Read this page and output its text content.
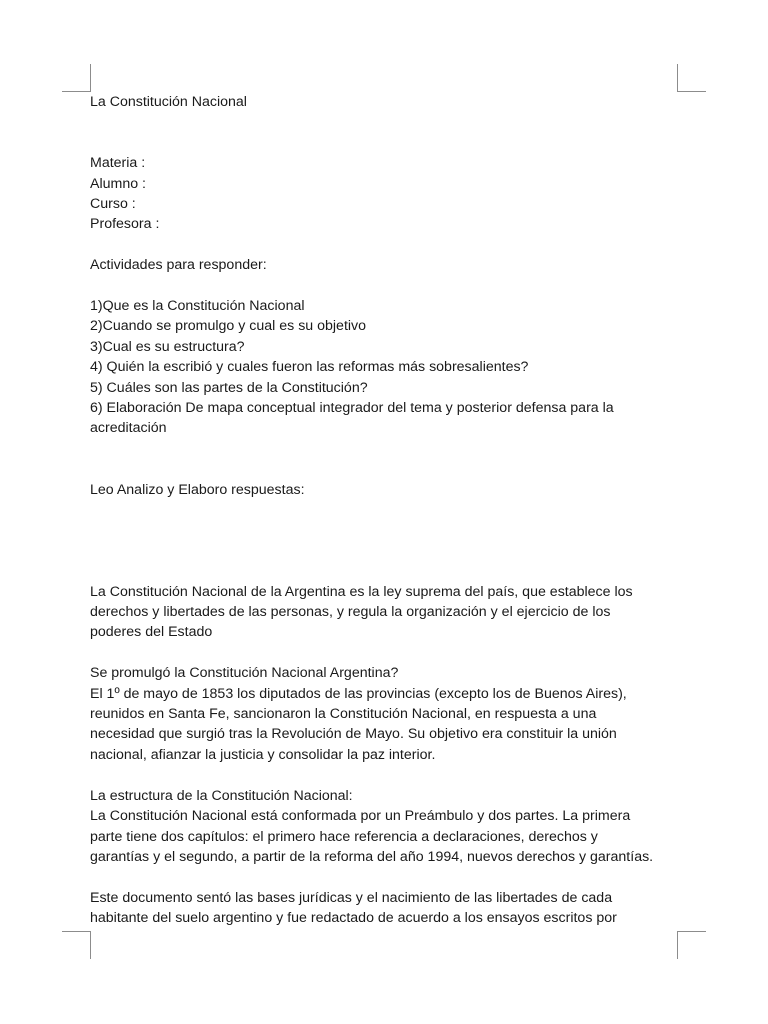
La Constitución Nacional

Materia :
Alumno :
Curso :
Profesora :

Actividades para responder:

1)Que es la Constitución Nacional
2)Cuando se promulgo y cual es su objetivo
3)Cual es su estructura?
4) Quién la escribió y cuales fueron las reformas más sobresalientes?
5) Cuáles son las partes de la Constitución?
6) Elaboración De mapa conceptual integrador del tema y posterior defensa para la
acreditación

Leo Analizo y Elaboro respuestas:

La Constitución Nacional de la Argentina es la ley suprema del país, que establece los
derechos y libertades de las personas, y regula la organización y el ejercicio de los
poderes del Estado
Se promulgó la Constitución Nacional Argentina?
El 1º de mayo de 1853 los diputados de las provincias (excepto los de Buenos Aires),
reunidos en Santa Fe, sancionaron la Constitución Nacional, en respuesta a una
necesidad que surgió tras la Revolución de Mayo. Su objetivo era constituir la unión
nacional, afianzar la justicia y consolidar la paz interior.
La estructura de la Constitución Nacional:
La Constitución Nacional está conformada por un Preámbulo y dos partes. La primera
parte tiene dos capítulos: el primero hace referencia a declaraciones, derechos y
garantías y el segundo, a partir de la reforma del año 1994, nuevos derechos y garantías.
Este documento sentó las bases jurídicas y el nacimiento de las libertades de cada
habitante del suelo argentino y fue redactado de acuerdo a los ensayos escritos por
